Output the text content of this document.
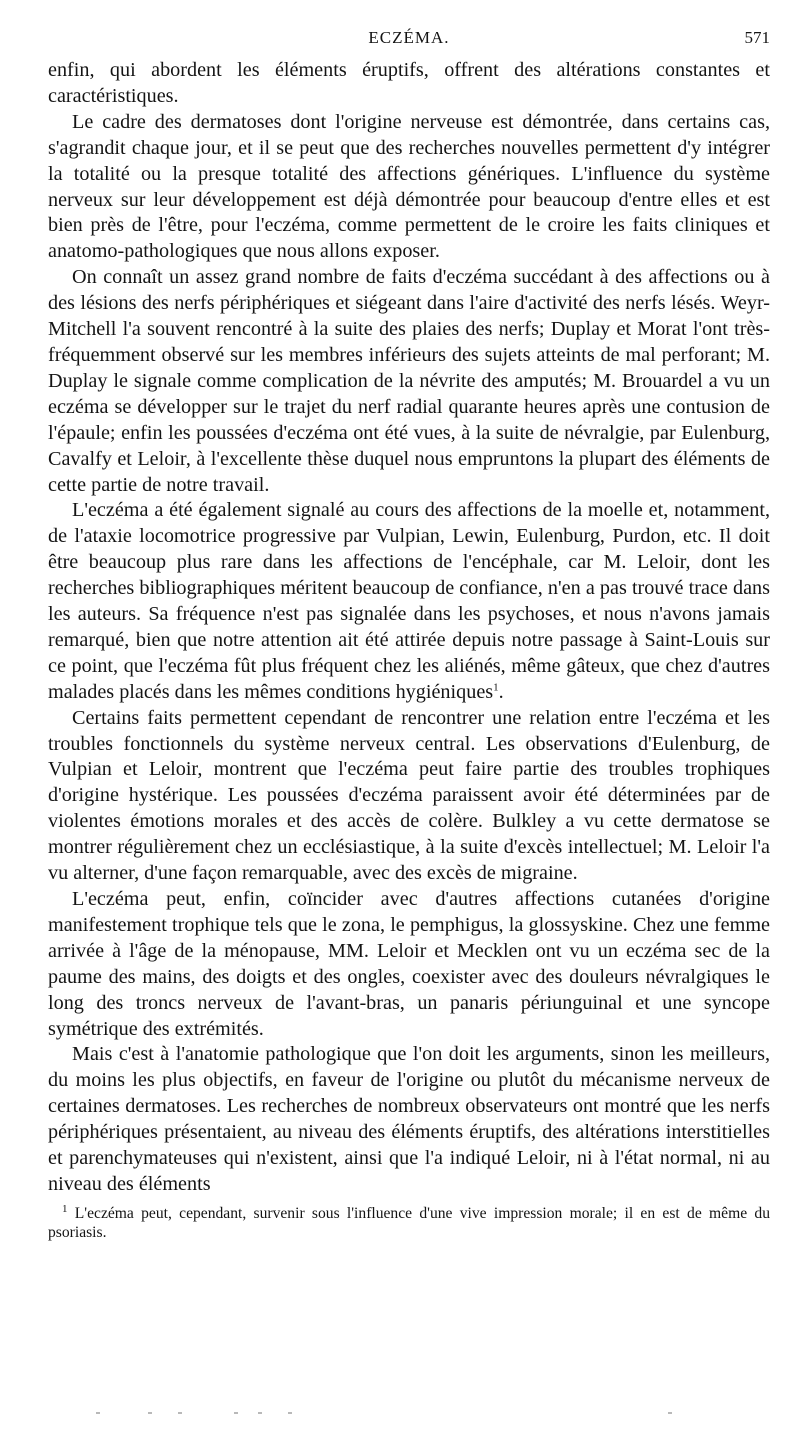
ECZÉMA.	571

enfin, qui abordent les éléments éruptifs, offrent des altérations constantes et caractéristiques.

Le cadre des dermatoses dont l'origine nerveuse est démontrée, dans certains cas, s'agrandit chaque jour, et il se peut que des recherches nouvelles permettent d'y intégrer la totalité ou la presque totalité des affections génériques. L'influence du système nerveux sur leur développement est déjà démontrée pour beaucoup d'entre elles et est bien près de l'être, pour l'eczéma, comme permettent de le croire les faits cliniques et anatomo-pathologiques que nous allons exposer.

On connaît un assez grand nombre de faits d'eczéma succédant à des affections ou à des lésions des nerfs périphériques et siégeant dans l'aire d'activité des nerfs lésés. Weyr-Mitchell l'a souvent rencontré à la suite des plaies des nerfs; Duplay et Morat l'ont très-fréquemment observé sur les membres inférieurs des sujets atteints de mal perforant; M. Duplay le signale comme complication de la névrite des amputés; M. Brouardel a vu un eczéma se développer sur le trajet du nerf radial quarante heures après une contusion de l'épaule; enfin les poussées d'eczéma ont été vues, à la suite de névralgie, par Eulenburg, Cavalfy et Leloir, à l'excellente thèse duquel nous empruntons la plupart des éléments de cette partie de notre travail.

L'eczéma a été également signalé au cours des affections de la moelle et, notamment, de l'ataxie locomotrice progressive par Vulpian, Lewin, Eulenburg, Purdon, etc. Il doit être beaucoup plus rare dans les affections de l'encéphale, car M. Leloir, dont les recherches bibliographiques méritent beaucoup de confiance, n'en a pas trouvé trace dans les auteurs. Sa fréquence n'est pas signalée dans les psychoses, et nous n'avons jamais remarqué, bien que notre attention ait été attirée depuis notre passage à Saint-Louis sur ce point, que l'eczéma fût plus fréquent chez les aliénés, même gâteux, que chez d'autres malades placés dans les mêmes conditions hygiéniques$^1$.

Certains faits permettent cependant de rencontrer une relation entre l'eczéma et les troubles fonctionnels du système nerveux central. Les observations d'Eulenburg, de Vulpian et Leloir, montrent que l'eczéma peut faire partie des troubles trophiques d'origine hystérique. Les poussées d'eczéma paraissent avoir été déterminées par de violentes émotions morales et des accès de colère. Bulkley a vu cette dermatose se montrer régulièrement chez un ecclésiastique, à la suite d'excès intellectuel; M. Leloir l'a vu alterner, d'une façon remarquable, avec des excès de migraine.

L'eczéma peut, enfin, coïncider avec d'autres affections cutanées d'origine manifestement trophique tels que le zona, le pemphigus, la glossyskine. Chez une femme arrivée à l'âge de la ménopause, MM. Leloir et Mecklen ont vu un eczéma sec de la paume des mains, des doigts et des ongles, coexister avec des douleurs névralgiques le long des troncs nerveux de l'avant-bras, un panaris périunguinal et une syncope symétrique des extrémités.

Mais c'est à l'anatomie pathologique que l'on doit les arguments, sinon les meilleurs, du moins les plus objectifs, en faveur de l'origine ou plutôt du mécanisme nerveux de certaines dermatoses. Les recherches de nombreux observateurs ont montré que les nerfs périphériques présentaient, au niveau des éléments éruptifs, des altérations interstitielles et parenchymateuses qui n'existent, ainsi que l'a indiqué Leloir, ni à l'état normal, ni au niveau des éléments

$^1$ L'eczéma peut, cependant, survenir sous l'influence d'une vive impression morale; il en est de même du psoriasis.
